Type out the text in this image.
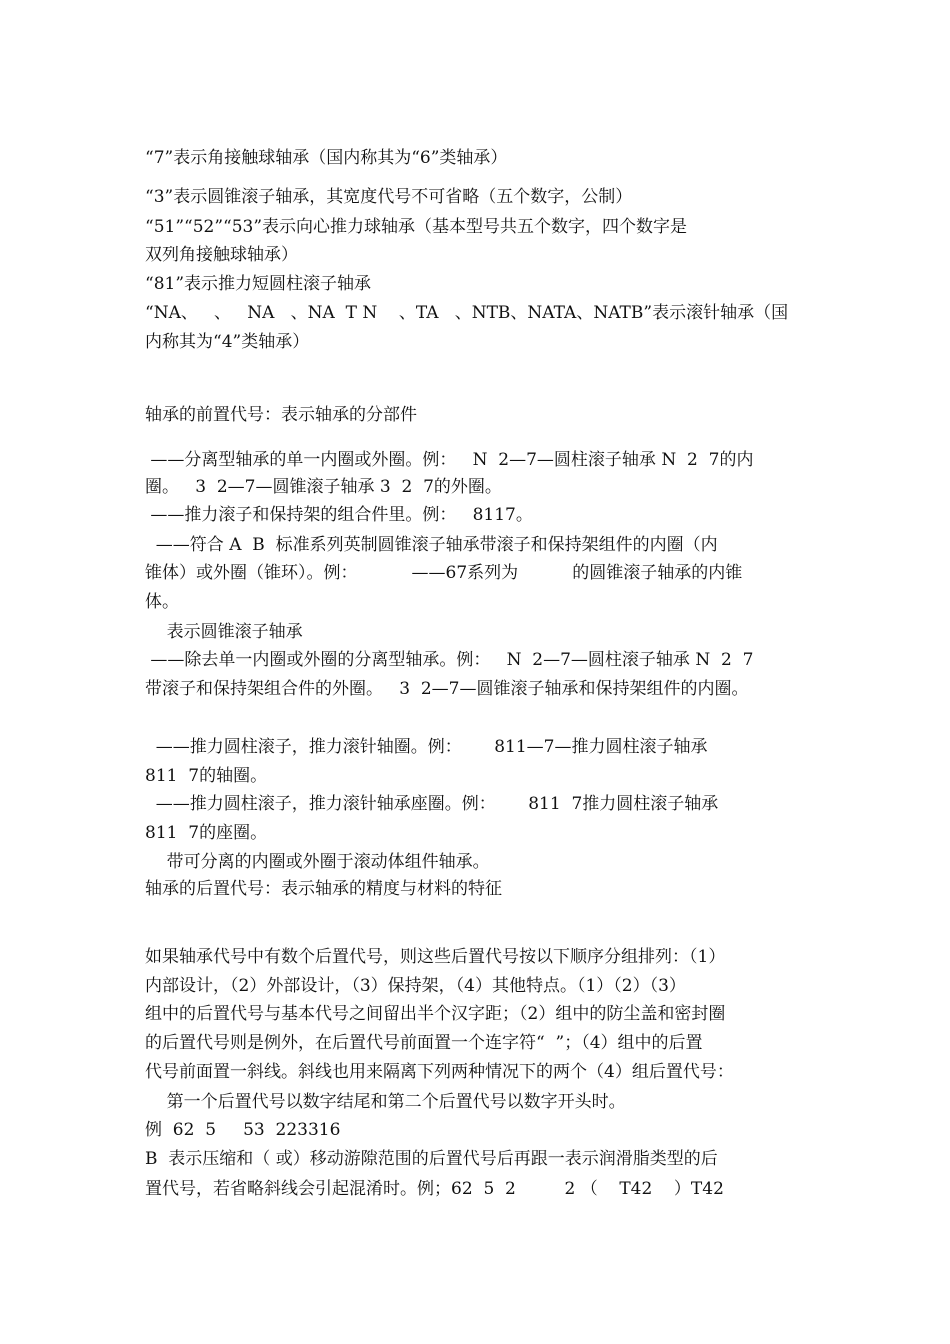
“7”表示角接触球轴承（国内称其为“6”类轴承）
“3”表示圆锥滚子轴承，其宽度代号不可省略（五个数字，公制）
“51”“52”“53”表示向心推力球轴承（基本型号共五个数字，四个数字是
双列角接触球轴承）
“81”表示推力短圆柱滚子轴承
“NA、   、   NA   、NA  T N    、TA   、NTB、NATA、NATB”表示滚针轴承（国
内称其为“4”类轴承）
轴承的前置代号：表示轴承的分部件
——分离型轴承的单一内圈或外圈。例：   N  2—7—圆柱滚子轴承 N  2  7的内
圈。   3  2—7—圆锥滚子轴承 3  2  7的外圈。
——推力滚子和保持架的组合件里。例：   8117。
——符合 A  B  标准系列英制圆锥滚子轴承带滚子和保持架组件的内圈（内
锥体）或外圈（锥环）。例：          ——67系列为          的圆锥滚子轴承的内锥
体。
表示圆锥滚子轴承
——除去单一内圈或外圈的分离型轴承。例：   N  2—7—圆柱滚子轴承 N  2  7
带滚子和保持架组合件的外圈。   3  2—7—圆锥滚子轴承和保持架组件的内圈。
——推力圆柱滚子，推力滚针轴圈。例：      811—7—推力圆柱滚子轴承
811  7的轴圈。
——推力圆柱滚子，推力滚针轴承座圈。例：      811  7推力圆柱滚子轴承
811  7的座圈。
带可分离的内圈或外圈于滚动体组件轴承。
轴承的后置代号：表示轴承的精度与材料的特征
如果轴承代号中有数个后置代号，则这些后置代号按以下顺序分组排列：（1）
内部设计，（2）外部设计，（3）保持架，（4）其他特点。（1）（2）（3）
组中的后置代号与基本代号之间留出半个汉字距；（2）组中的防尘盖和密封圈
的后置代号则是例外，在后置代号前面置一个连字符“  ”；（4）组中的后置
代号前面置一斜线。斜线也用来隔离下列两种情况下的两个（4）组后置代号：
第一个后置代号以数字结尾和第二个后置代号以数字开头时。
例  62  5     53  223316
B  表示压缩和（ 或）移动游隙范围的后置代号后再跟一表示润滑脂类型的后
置代号，若省略斜线会引起混淆时。例；62  5  2         2 （    T42    ）T42
